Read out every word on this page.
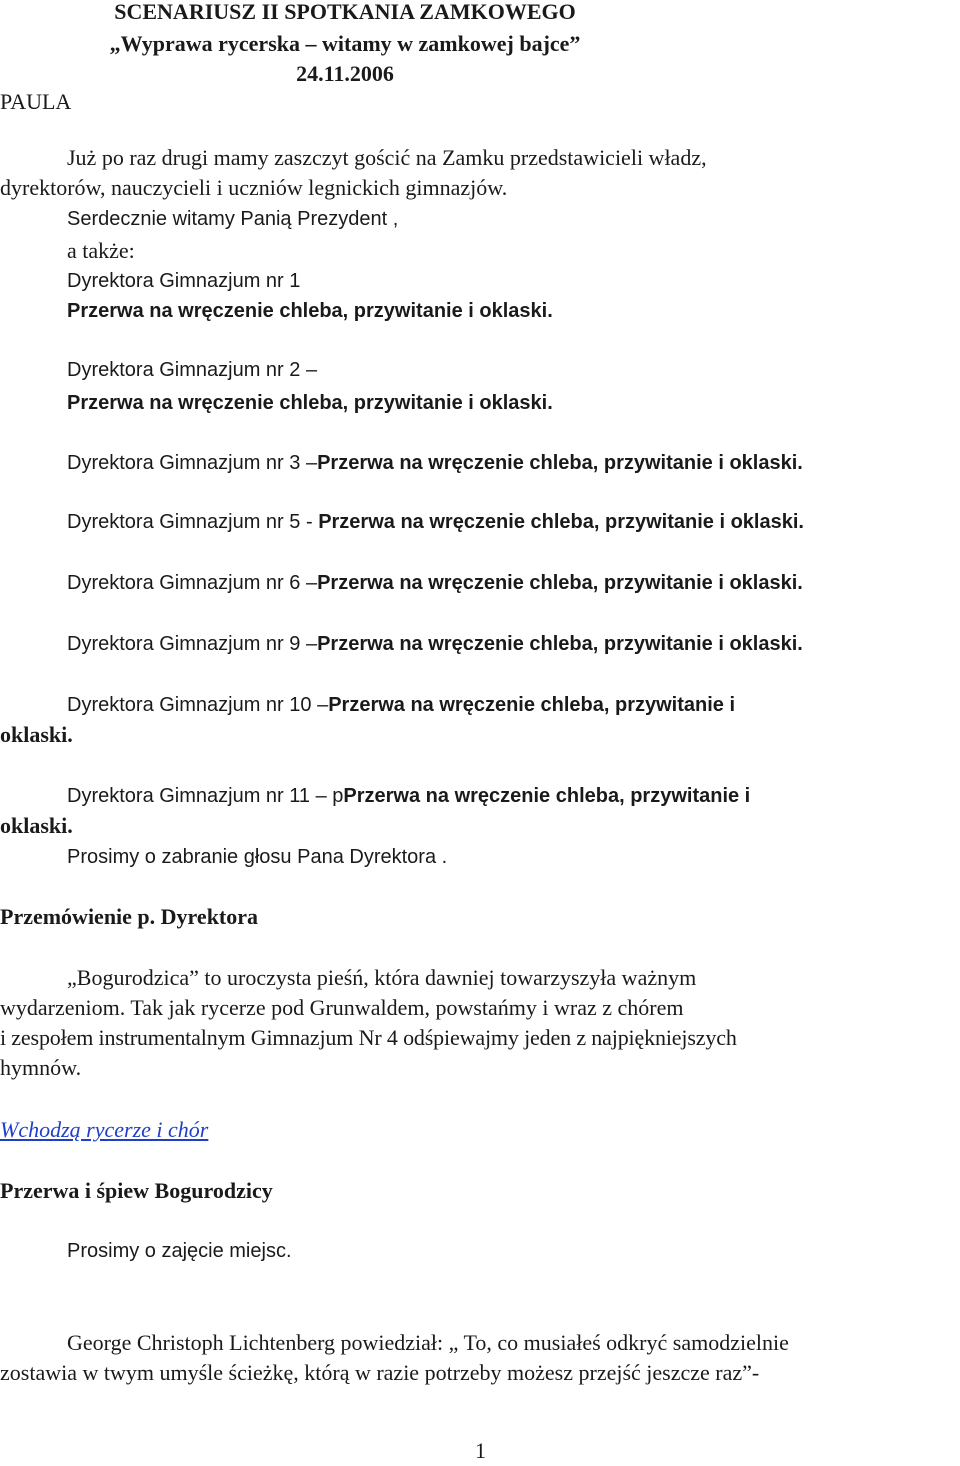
SCENARIUSZ II SPOTKANIA ZAMKOWEGO
„Wyprawa rycerska – witamy w zamkowej bajce”
24.11.2006
PAULA
Już po raz drugi mamy zaszczyt gościć na Zamku przedstawicieli władz,
dyrektorów, nauczycieli i uczniów legnickich gimnazjów.
Serdecznie witamy Panią Prezydent ,
a także:
Dyrektora Gimnazjum nr 1
Przerwa na wręczenie chleba, przywitanie i oklaski.
Dyrektora Gimnazjum nr 2 –
Przerwa na wręczenie chleba, przywitanie i oklaski.
Dyrektora Gimnazjum nr 3 –Przerwa na wręczenie chleba, przywitanie i oklaski.
Dyrektora Gimnazjum nr 5 - Przerwa na wręczenie chleba, przywitanie i oklaski.
Dyrektora Gimnazjum nr 6 –Przerwa na wręczenie chleba, przywitanie i oklaski.
Dyrektora Gimnazjum nr 9 –Przerwa na wręczenie chleba, przywitanie i oklaski.
Dyrektora Gimnazjum nr 10 –Przerwa na wręczenie chleba, przywitanie i
oklaski.
Dyrektora Gimnazjum nr 11 – pPrzerwa na wręczenie chleba, przywitanie i
oklaski.
Prosimy o zabranie głosu Pana Dyrektora .
Przemówienie p. Dyrektora
„Bogurodzica” to uroczysta pieśń, która dawniej towarzyszyła ważnym
wydarzeniom. Tak jak rycerze pod Grunwaldem, powstańmy i wraz z chórem
i zespołem instrumentalnym Gimnazjum Nr 4 odśpiewajmy jeden z najpiękniejszych
hymnów.
Wchodzą rycerze i chór
Przerwa i śpiew Bogurodzicy
Prosimy o zajęcie miejsc.
George Christoph Lichtenberg powiedział: „ To, co musiałeś odkryć samodzielnie
zostawia w twym umyśle ścieżkę, którą w razie potrzeby możesz przejść jeszcze raz”-
1
